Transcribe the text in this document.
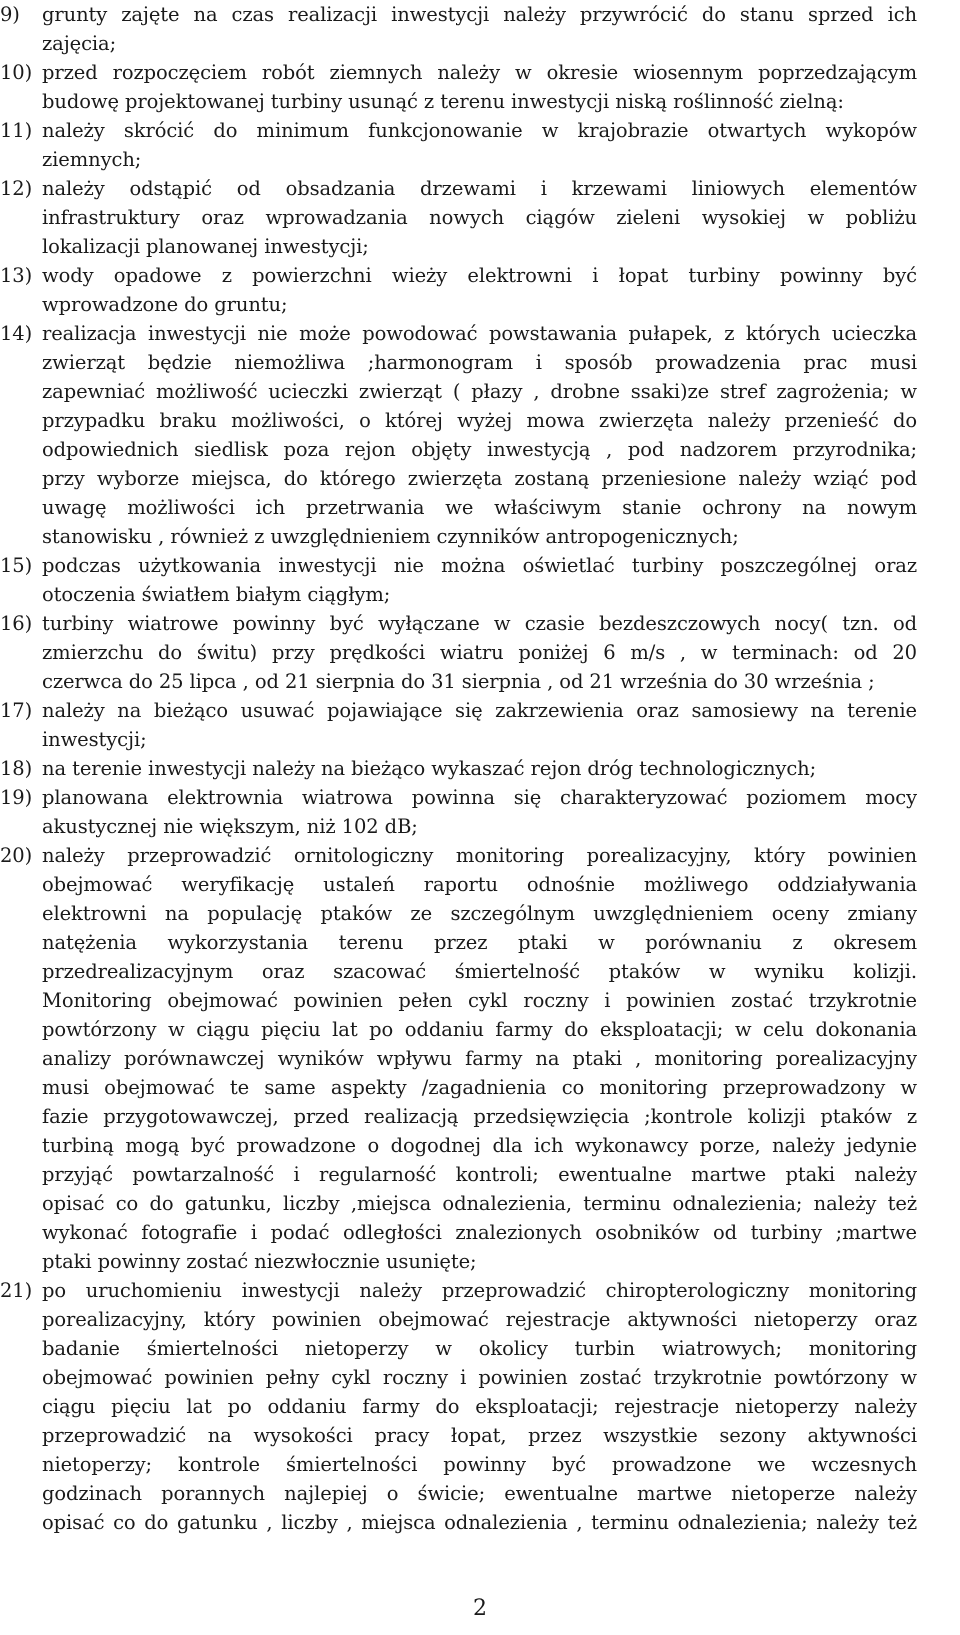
9)	grunty zajęte na czas realizacji inwestycji należy przywrócić do stanu sprzed ich
zajęcia;
10) przed rozpoczęciem robót ziemnych należy w okresie wiosennym poprzedzającym
budowę projektowanej turbiny usunąć z terenu inwestycji niską roślinność zielną:
11) należy skrócić do minimum funkcjonowanie w krajobrazie otwartych wykopów
ziemnych;
12) należy odstąpić od obsadzania drzewami i krzewami liniowych elementów
infrastruktury oraz wprowadzania nowych ciągów zieleni wysokiej w pobliżu
lokalizacji planowanej inwestycji;
13) wody opadowe z powierzchni wieży elektrowni i łopat turbiny powinny być
wprowadzone do gruntu;
14) realizacja inwestycji nie może powodować powstawania pułapek, z których ucieczka
zwierząt będzie niemożliwa ;harmonogram i sposób prowadzenia prac musi
zapewniać możliwość ucieczki zwierząt ( płazy , drobne ssaki)ze stref zagrożenia; w
przypadku braku możliwości, o której wyżej mowa zwierzęta należy przenieść do
odpowiednich siedlisk poza rejon objęty inwestycją , pod nadzorem przyrodnika;
przy wyborze miejsca, do którego zwierzęta zostaną przeniesione należy wziąć pod
uwagę możliwości ich przetrwania we właściwym stanie ochrony na nowym
stanowisku , również z uwzględnieniem czynników antropogenicznych;
15) podczas użytkowania inwestycji nie można oświetlać turbiny poszczególnej oraz
otoczenia światłem białym ciągłym;
16) turbiny wiatrowe powinny być wyłączane w czasie bezdeszczowych nocy( tzn. od
zmierzchu do świtu) przy prędkości wiatru poniżej 6 m/s , w terminach: od 20
czerwca do 25 lipca , od 21 sierpnia do 31 sierpnia , od 21 września do 30 września ;
17) należy na bieżąco usuwać pojawiające się zakrzewienia oraz samosiewy na terenie
inwestycji;
18) na terenie inwestycji należy na bieżąco wykaszać rejon dróg technologicznych;
19) planowana elektrownia wiatrowa powinna się charakteryzować poziomem mocy
akustycznej nie większym, niż 102 dB;
20) należy przeprowadzić ornitologiczny monitoring porealizacyjny, który powinien
obejmować weryfikację ustaleń raportu odnośnie możliwego oddziaływania
elektrowni na populację ptaków ze szczególnym uwzględnieniem oceny zmiany
natężenia wykorzystania terenu przez ptaki w porównaniu z okresem
przedrealizacyjnym oraz szacować śmiertelność ptaków w wyniku kolizji.
Monitoring obejmować powinien pełen cykl roczny i powinien zostać trzykrotnie
powtórzony w ciągu pięciu lat po oddaniu farmy do eksploatacji; w celu dokonania
analizy porównawczej wyników wpływu farmy na ptaki , monitoring porealizacyjny
musi obejmować te same aspekty /zagadnienia co monitoring przeprowadzony w
fazie przygotowawczej, przed realizacją przedsięwzięcia ;kontrole kolizji ptaków z
turbiną mogą być prowadzone o dogodnej dla ich wykonawcy porze, należy jedynie
przyjąć powtarzalność i regularność kontroli; ewentualne martwe ptaki należy
opisać co do gatunku, liczby ,miejsca odnalezienia, terminu odnalezienia; należy też
wykonać fotografie i podać odległości znalezionych osobników od turbiny ;martwe
ptaki powinny zostać niezwłocznie usunięte;
21) po uruchomieniu inwestycji należy przeprowadzić chiropterologiczny monitoring
porealizacyjny, który powinien obejmować rejestracje aktywności nietoperzy oraz
badanie śmiertelności nietoperzy w okolicy turbin wiatrowych; monitoring
obejmować powinien pełny cykl roczny i powinien zostać trzykrotnie powtórzony w
ciągu pięciu lat po oddaniu farmy do eksploatacji; rejestracje nietoperzy należy
przeprowadzić na wysokości pracy łopat, przez wszystkie sezony aktywności
nietoperzy; kontrole śmiertelności powinny być prowadzone we wczesnych
godzinach porannych najlepiej o świcie; ewentualne martwe nietoperze należy
opisać co do gatunku , liczby , miejsca odnalezienia , terminu odnalezienia; należy też
2
